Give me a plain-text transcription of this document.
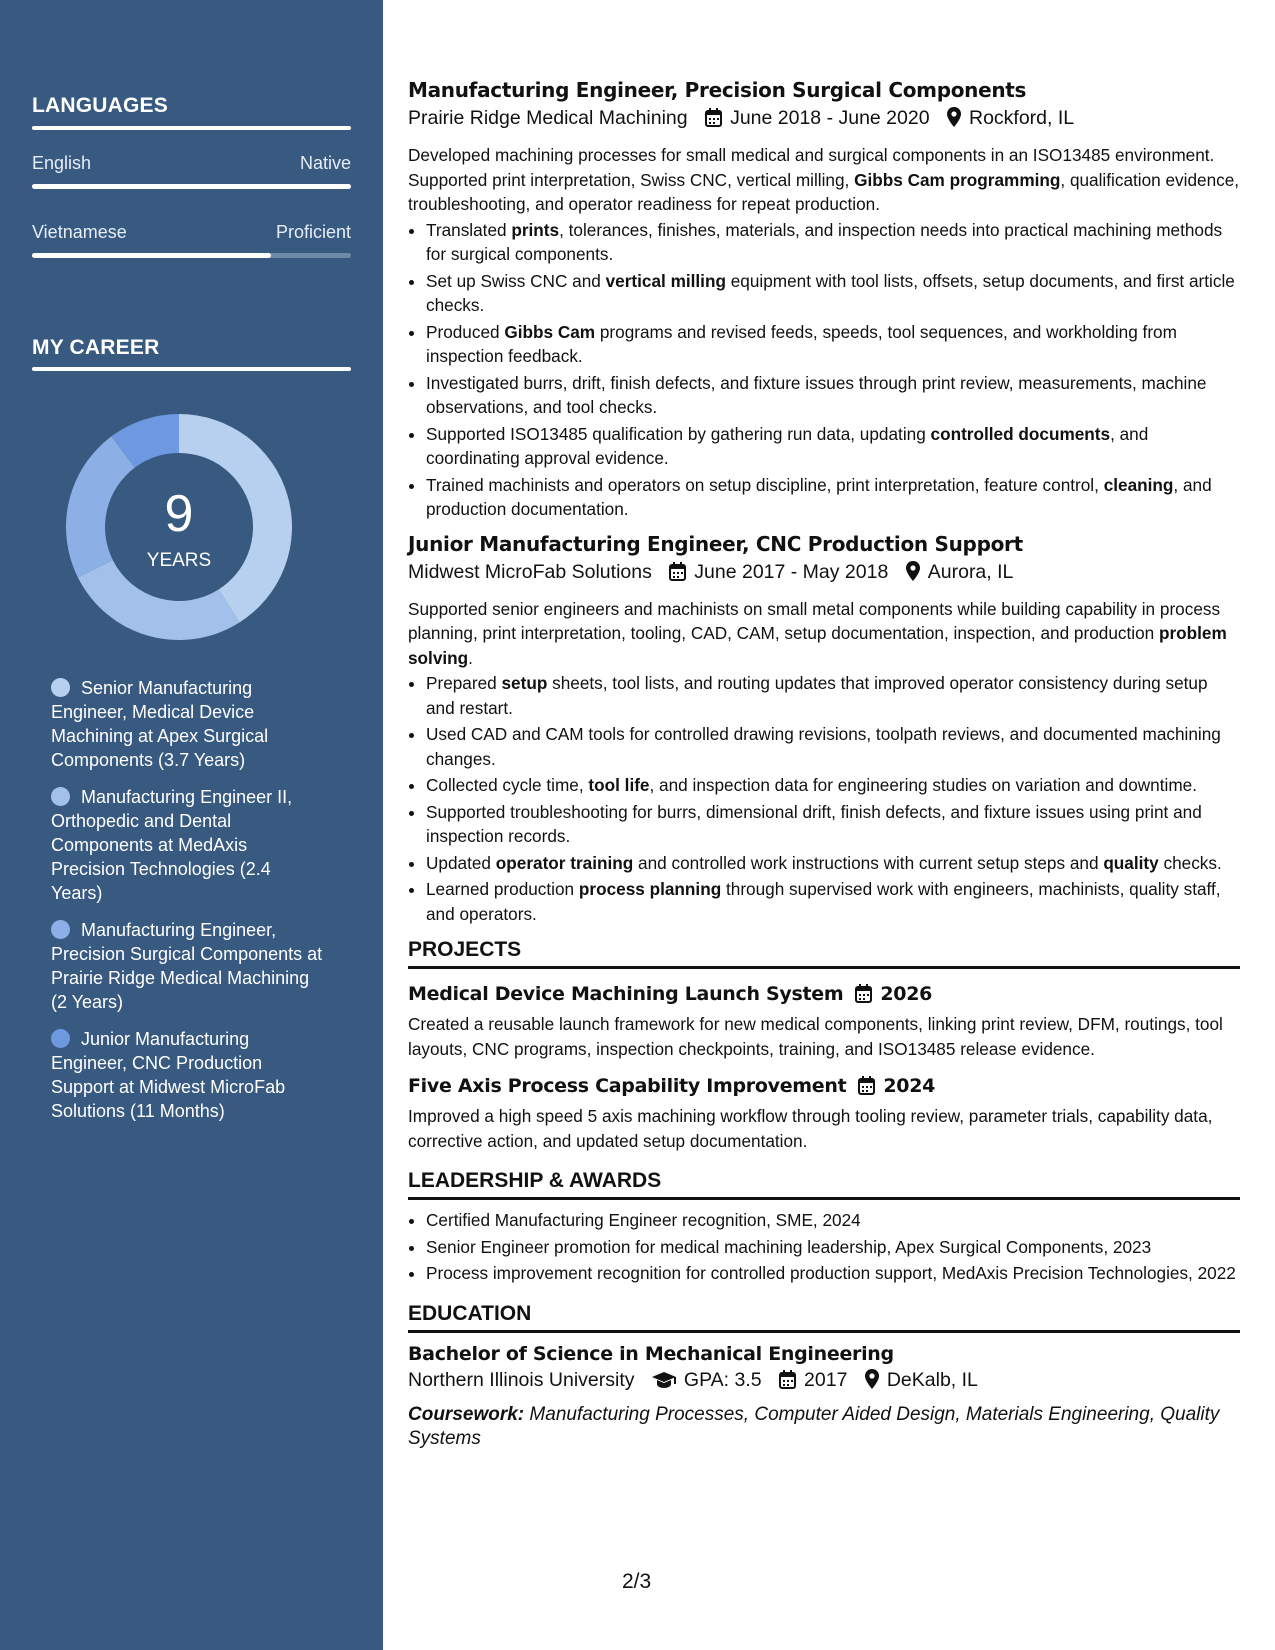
LANGUAGES
English	Native
Vietnamese	Proficient
MY CAREER
9
YEARS
Senior Manufacturing Engineer, Medical Device Machining at Apex Surgical Components (3.7 Years)
Manufacturing Engineer II, Orthopedic and Dental Components at MedAxis Precision Technologies (2.4 Years)
Manufacturing Engineer, Precision Surgical Components at Prairie Ridge Medical Machining (2 Years)
Junior Manufacturing Engineer, CNC Production Support at Midwest MicroFab Solutions (11 Months)
Manufacturing Engineer, Precision Surgical Components
Prairie Ridge Medical Machining June 2018 - June 2020 Rockford, IL

Developed machining processes for small medical and surgical components in an ISO13485 environment. Supported print interpretation, Swiss CNC, vertical milling, Gibbs Cam programming, qualification evidence, troubleshooting, and operator readiness for repeat production.

• Translated prints, tolerances, finishes, materials, and inspection needs into practical machining methods for surgical components.
• Set up Swiss CNC and vertical milling equipment with tool lists, offsets, setup documents, and first article checks.
• Produced Gibbs Cam programs and revised feeds, speeds, tool sequences, and workholding from inspection feedback.
• Investigated burrs, drift, finish defects, and fixture issues through print review, measurements, machine observations, and tool checks.
• Supported ISO13485 qualification by gathering run data, updating controlled documents, and coordinating approval evidence.
• Trained machinists and operators on setup discipline, print interpretation, feature control, cleaning, and production documentation.
Junior Manufacturing Engineer, CNC Production Support
Midwest MicroFab Solutions June 2017 - May 2018 Aurora, IL

Supported senior engineers and machinists on small metal components while building capability in process planning, print interpretation, tooling, CAD, CAM, setup documentation, inspection, and production problem solving.

• Prepared setup sheets, tool lists, and routing updates that improved operator consistency during setup and restart.
• Used CAD and CAM tools for controlled drawing revisions, toolpath reviews, and documented machining changes.
• Collected cycle time, tool life, and inspection data for engineering studies on variation and downtime.
• Supported troubleshooting for burrs, dimensional drift, finish defects, and fixture issues using print and inspection records.
• Updated operator training and controlled work instructions with current setup steps and quality checks.
• Learned production process planning through supervised work with engineers, machinists, quality staff, and operators.
PROJECTS
Medical Device Machining Launch System 2026

Created a reusable launch framework for new medical components, linking print review, DFM, routings, tool layouts, CNC programs, inspection checkpoints, training, and ISO13485 release evidence.

Five Axis Process Capability Improvement 2024

Improved a high speed 5 axis machining workflow through tooling review, parameter trials, capability data, corrective action, and updated setup documentation.

LEADERSHIP & AWARDS
• Certified Manufacturing Engineer recognition, SME, 2024
• Senior Engineer promotion for medical machining leadership, Apex Surgical Components, 2023
• Process improvement recognition for controlled production support, MedAxis Precision Technologies, 2022
EDUCATION
Bachelor of Science in Mechanical Engineering
Northern Illinois University	GPA: 3.5 2017 DeKalb, IL
Coursework: Manufacturing Processes, Computer Aided Design, Materials Engineering, Quality Systems
2/3
